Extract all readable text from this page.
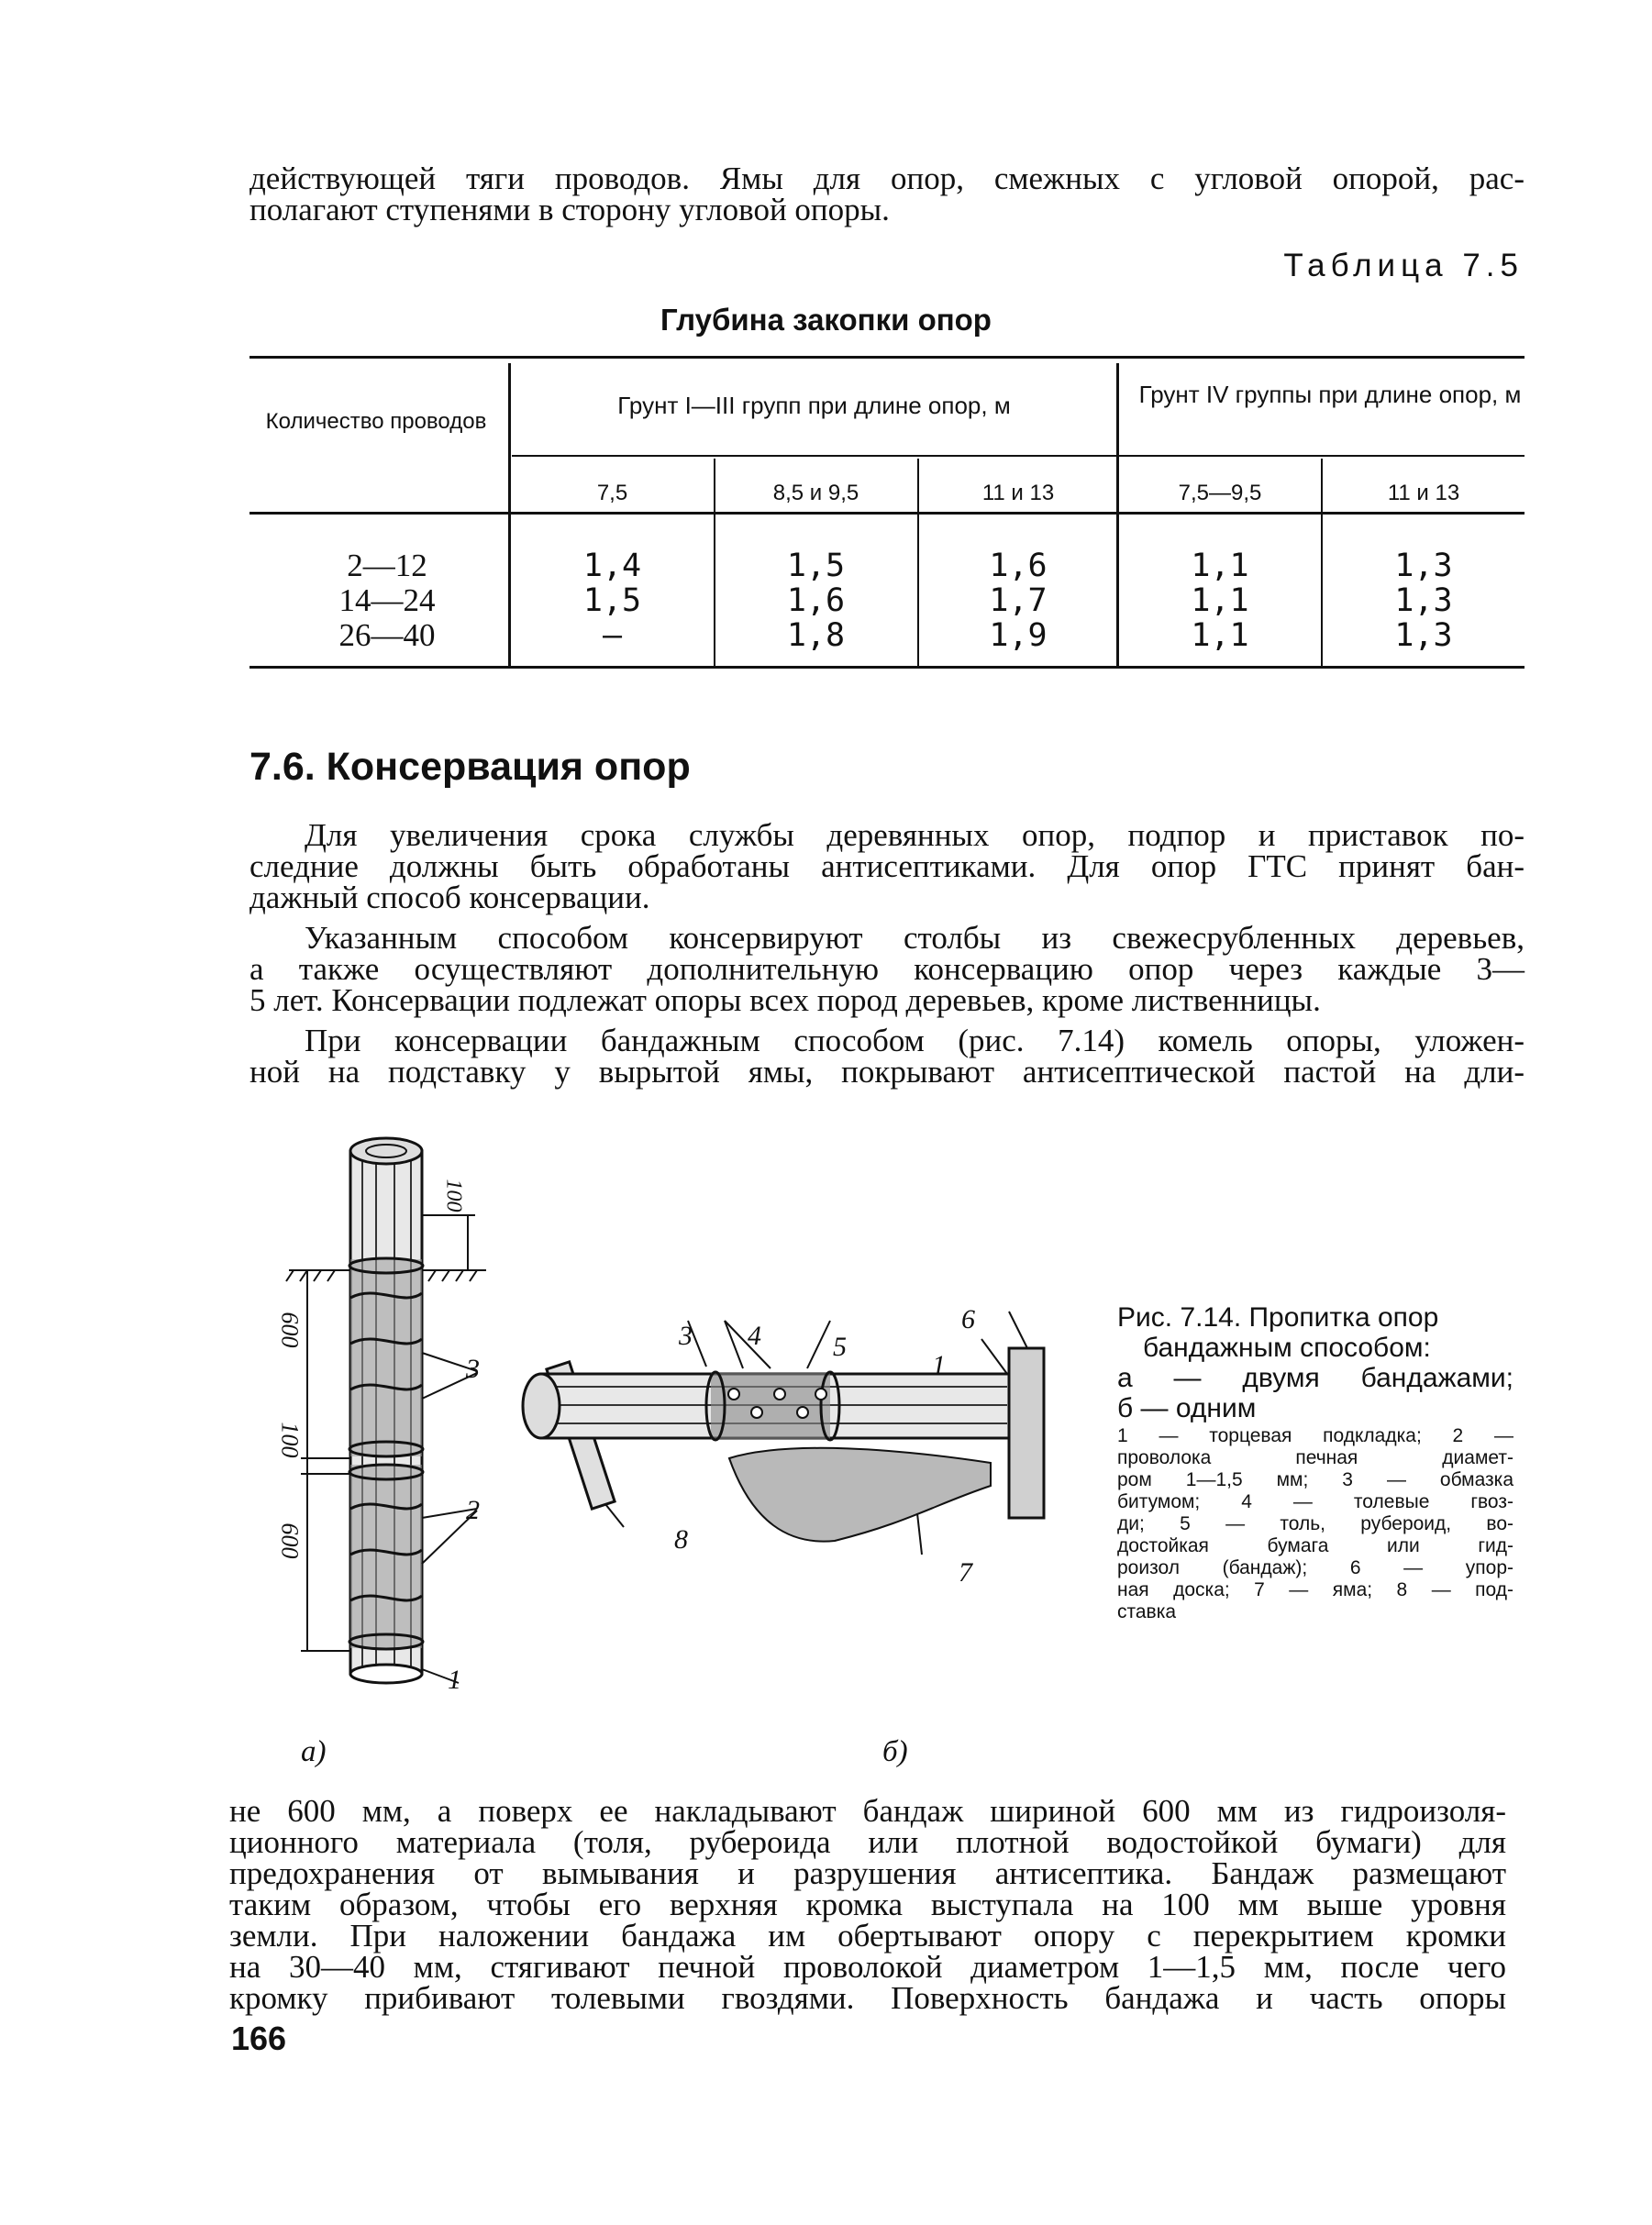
действующей тяги проводов. Ямы для опор, смежных с угловой опорой, рас-
полагают ступенями в сторону угловой опоры.
Таблица 7.5
Глубина закопки опор
Количество проводов
Грунт I—III групп при длине опор, м	Грунт IV группы при длине опор, м
7,5	8,5 и 9,5	11 и 13	7,5—9,5	11 и 13
2—12	1,4	1,5	1,6	1,1	1,3
14—24	1,5	1,6	1,7	1,1	1,3
26—40	—	1,8	1,9	1,1	1,3
7.6. Консервация опор
Для увеличения срока службы деревянных опор, подпор и приставок по-
следние должны быть обработаны антисептиками. Для опор ГТС принят бан-
дажный способ консервации.
Указанным способом консервируют столбы из свежесрубленных деревьев,
а также осуществляют дополнительную консервацию опор через каждые 3—
5 лет. Консервации подлежат опоры всех пород деревьев, кроме лиственницы.
При консервации бандажным способом (рис. 7.14) комель опоры, уложен-
ной на подставку у вырытой ямы, покрывают антисептической пастой на дли-
100
600
100
600
3
2
1
3 4	5
6
1
8
7
а)	б)
Рис. 7.14. Пропитка опор
бандажным способом:
а — двумя бандажами;
б — одним
1 — торцевая подкладка; 2 —
проволока печная диамет-
ром 1—1,5 мм; 3 — обмазка
битумом; 4 — толевые гвоз-
ди; 5 — толь, рубероид, во-
достойкая бумага или гид-
роизол (бандаж); 6 — упор-
ная доска; 7 — яма; 8 — под-
ставка
не 600 мм, а поверх ее накладывают бандаж шириной 600 мм из гидроизоля-
ционного материала (толя, рубероида или плотной водостойкой бумаги) для
предохранения от вымывания и разрушения антисептика. Бандаж размещают
таким образом, чтобы его верхняя кромка выступала на 100 мм выше уровня
земли. При наложении бандажа им обертывают опору с перекрытием кромки
на 30—40 мм, стягивают печной проволокой диаметром 1—1,5 мм, после чего
кромку прибивают толевыми гвоздями. Поверхность бандажа и часть опоры
166
